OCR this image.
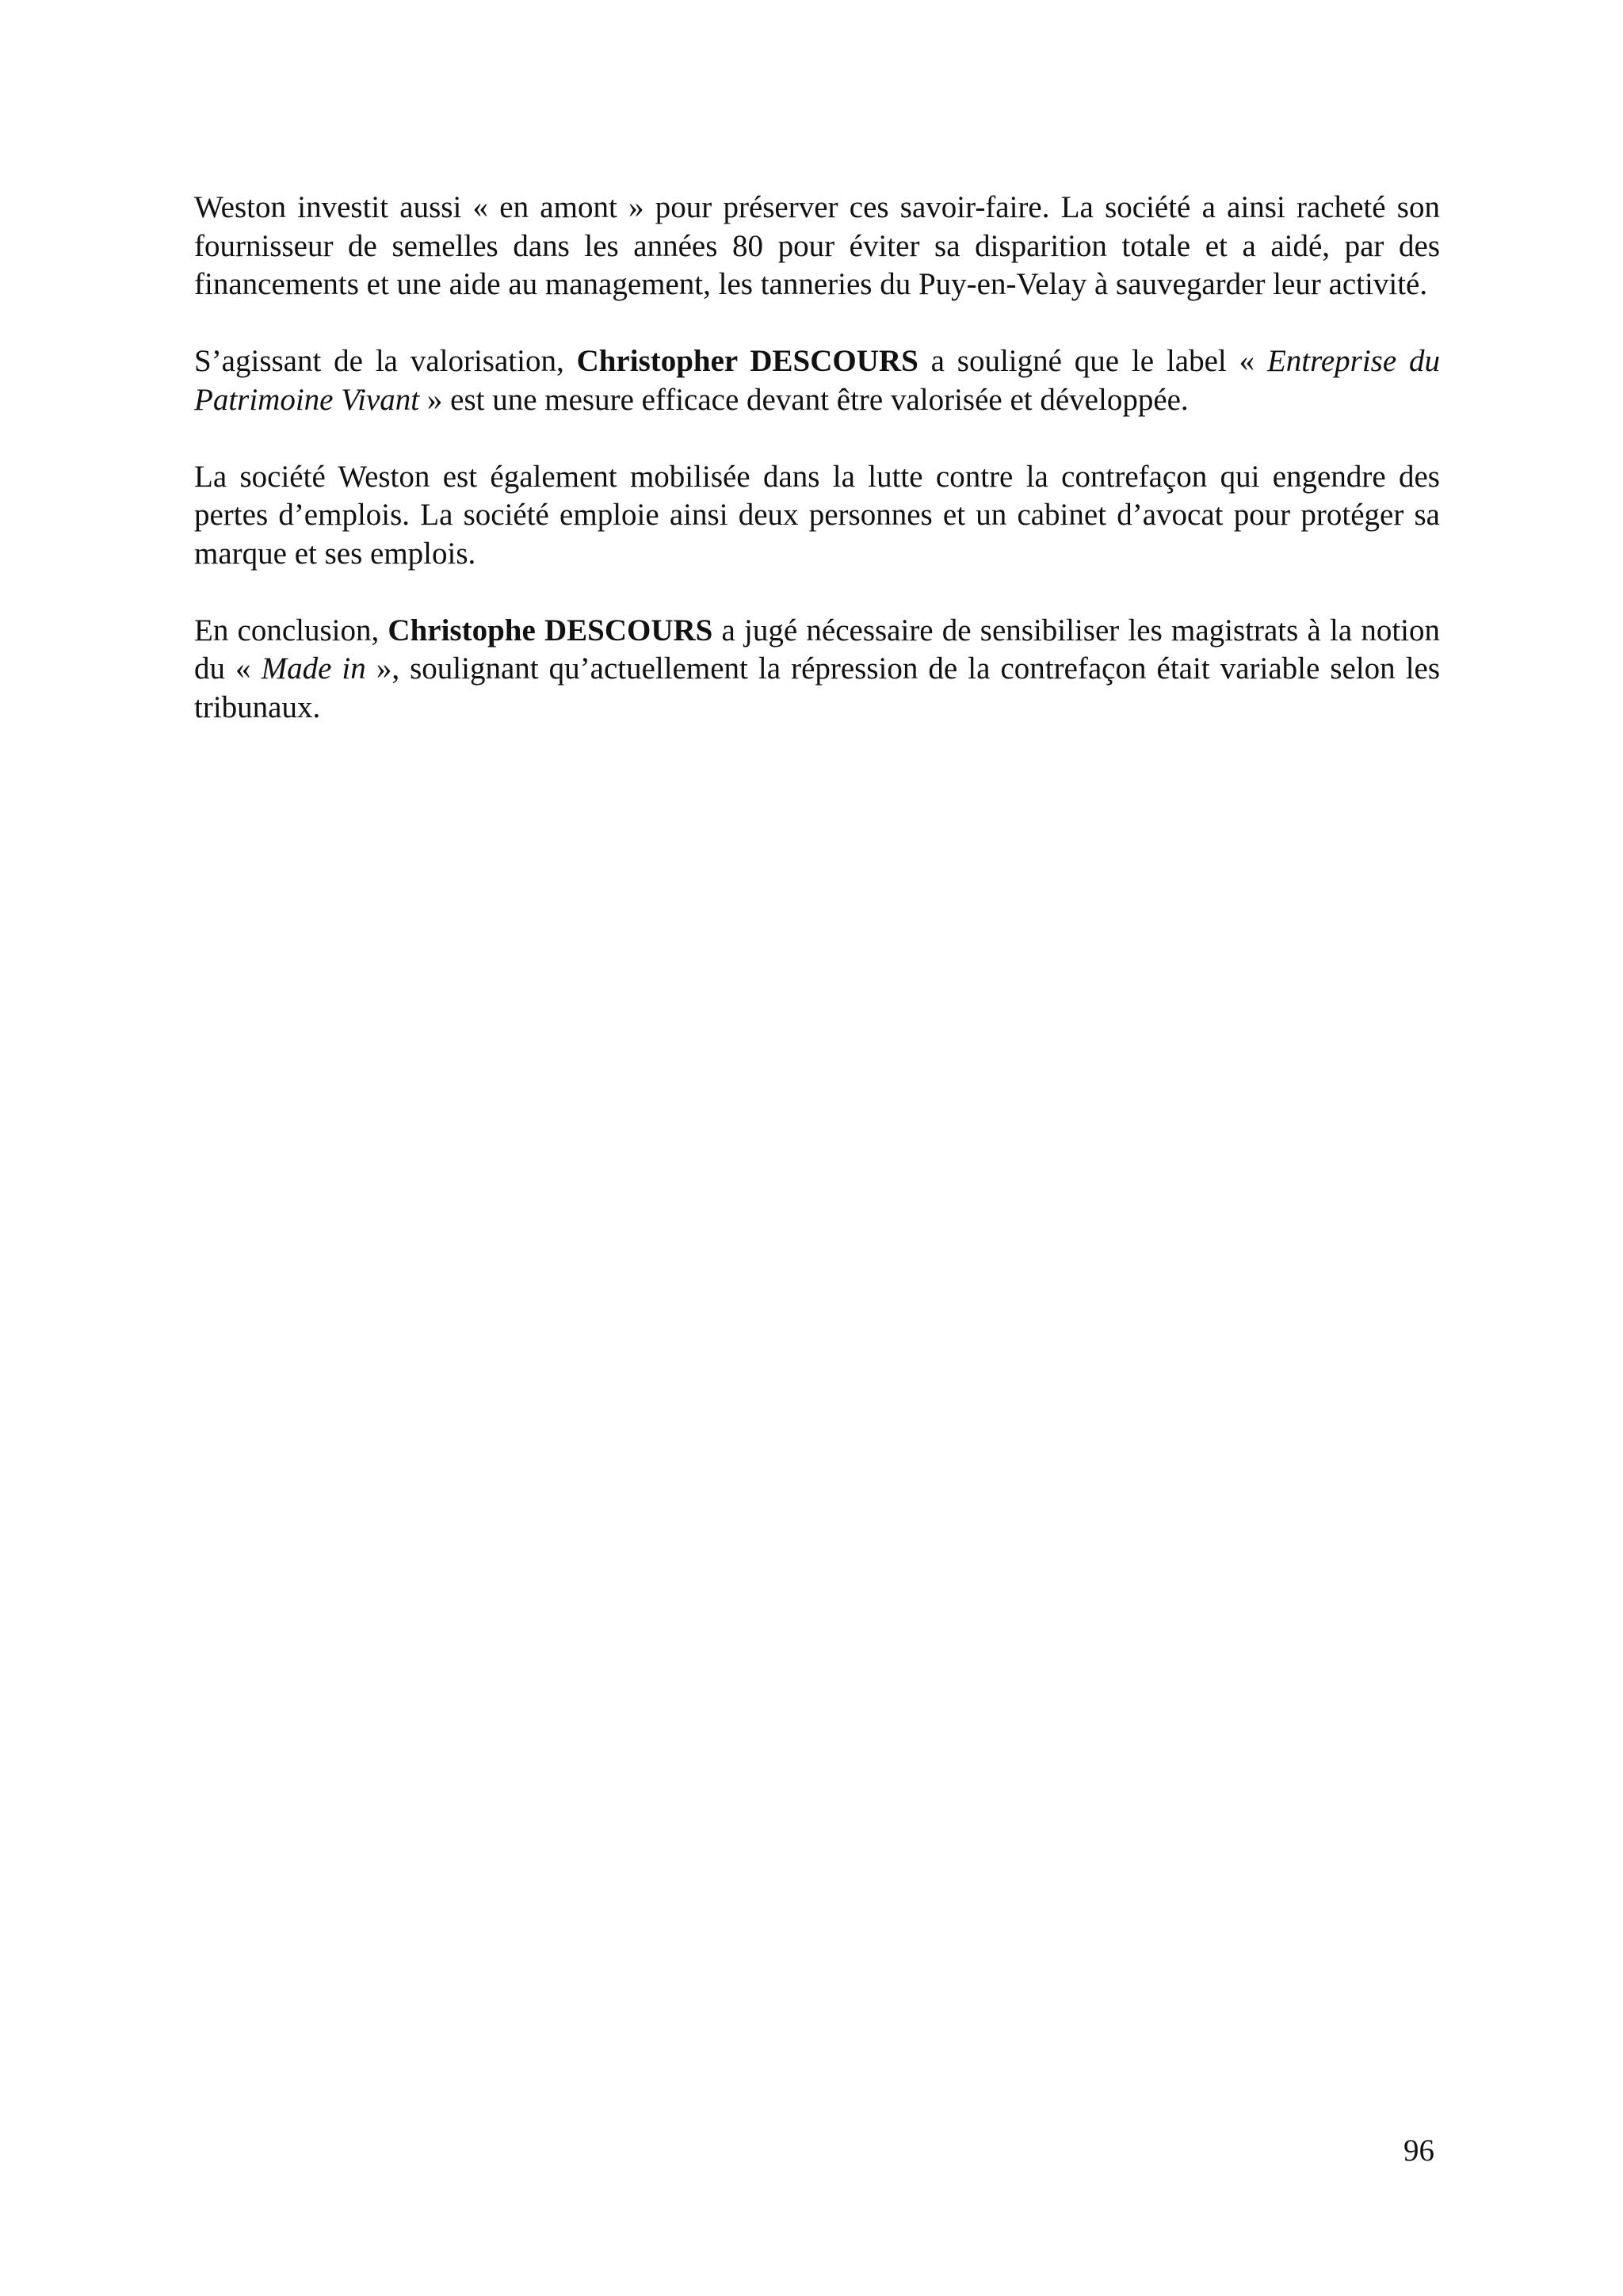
Weston investit aussi « en amont » pour préserver ces savoir-faire. La société a ainsi racheté son fournisseur de semelles dans les années 80 pour éviter sa disparition totale et a aidé, par des financements et une aide au management, les tanneries du Puy-en-Velay à sauvegarder leur activité.

S’agissant de la valorisation, Christopher DESCOURS a souligné que le label « Entreprise du Patrimoine Vivant » est une mesure efficace devant être valorisée et développée.

La société Weston est également mobilisée dans la lutte contre la contrefaçon qui engendre des pertes d’emplois. La société emploie ainsi deux personnes et un cabinet d’avocat pour protéger sa marque et ses emplois.

En conclusion, Christophe DESCOURS a jugé nécessaire de sensibiliser les magistrats à la notion du « Made in », soulignant qu’actuellement la répression de la contrefaçon était variable selon les tribunaux.

96
